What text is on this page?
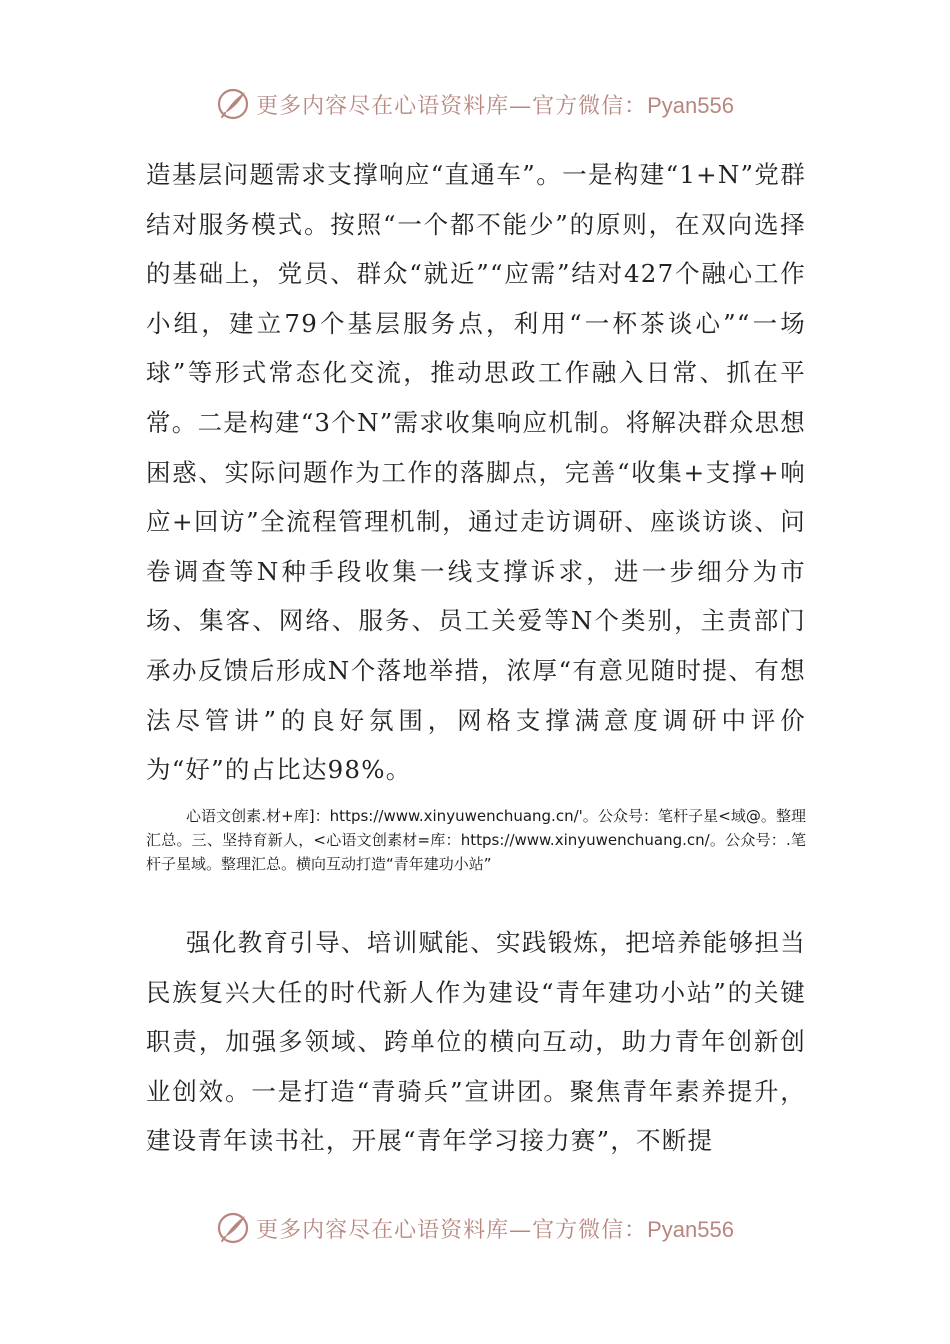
更多内容尽在心语资料库—官方微信：Pyan556
造基层问题需求支撑响应“直通车”。一是构建“1+N”党群结对服务模式。按照“一个都不能少”的原则，在双向选择的基础上，党员、群众“就近”“应需”结对427个融心工作小组，建立79个基层服务点，利用“一杯茶谈心”“一场球”等形式常态化交流，推动思政工作融入日常、抓在平常。二是构建“3个N”需求收集响应机制。将解决群众思想困惑、实际问题作为工作的落脚点，完善“收集+支撑+响应+回访”全流程管理机制，通过走访调研、座谈访谈、问卷调查等N种手段收集一线支撑诉求，进一步细分为市场、集客、网络、服务、员工关爱等N个类别，主责部门承办反馈后形成N个落地举措，浓厚“有意见随时提、有想法尽管讲”的良好氛围，网格支撑满意度调研中评价为“好”的占比达98%。
心语文创素.材+库]：https://www.xinyuwenchuang.cn/'。公众号：笔杆子星<域@。整理汇总。三、坚持育新人，<心语文创素材=库：https://www.xinyuwenchuang.cn/。公众号：.笔杆子星域。整理汇总。横向互动打造“青年建功小站”
强化教育引导、培训赋能、实践锻炼，把培养能够担当民族复兴大任的时代新人作为建设“青年建功小站”的关键职责，加强多领域、跨单位的横向互动，助力青年创新创业创效。一是打造“青骑兵”宣讲团。聚焦青年素养提升，建设青年读书社，开展“青年学习接力赛”，不断提
更多内容尽在心语资料库—官方微信：Pyan556
